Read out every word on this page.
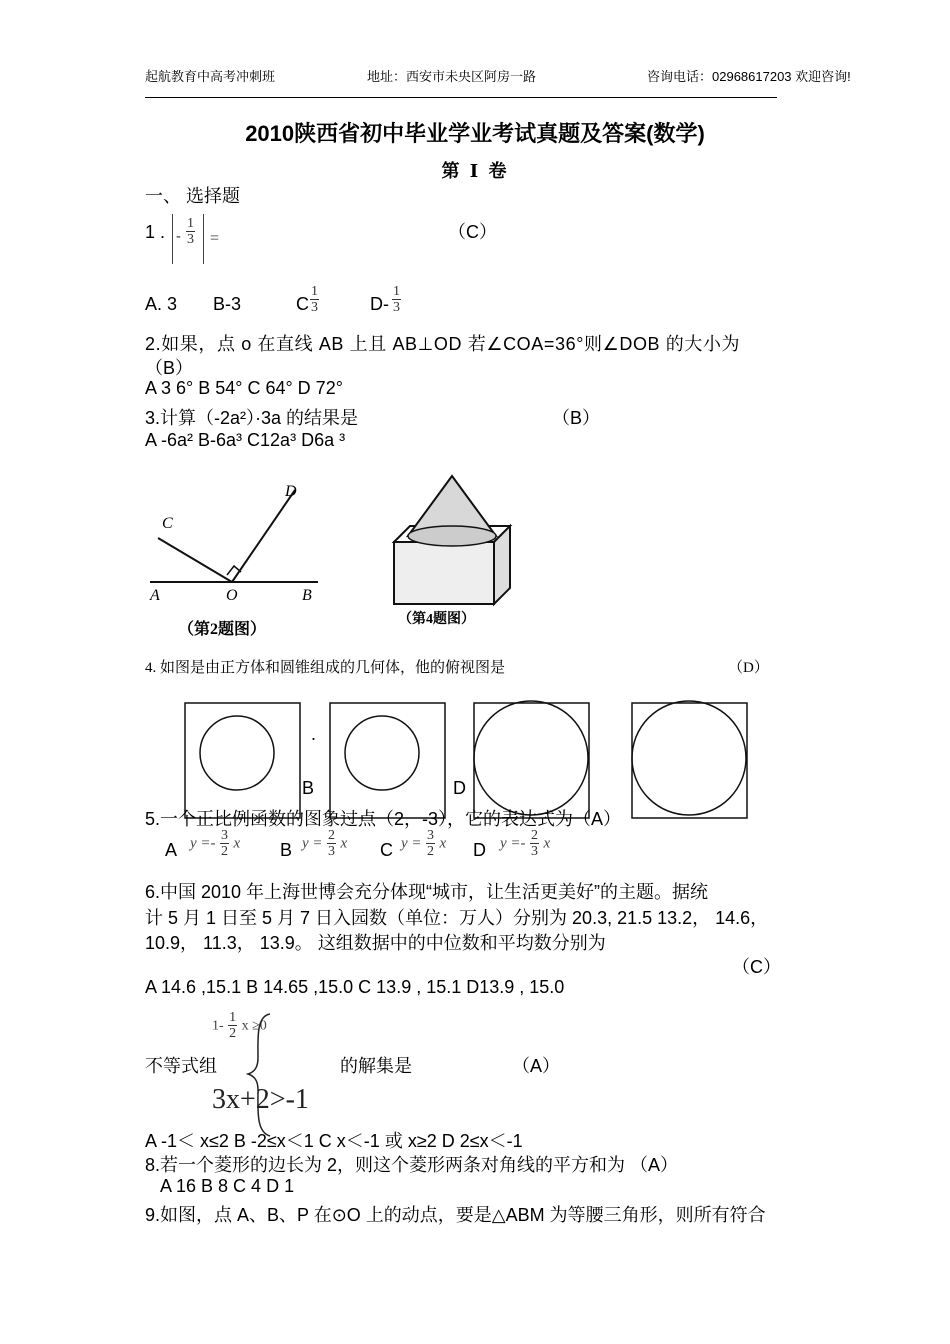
起航教育中高考冲刺班	地址：西安市未央区阿房一路	咨询电话：02968617203 欢迎咨询!
2010陕西省初中毕业学业考试真题及答案(数学)
第 Ⅰ 卷
一、 选择题
1 . - $\frac{1}{3}$ =	（C）
A. 3 B-3	C $\frac{1}{3}$	$D- \frac{1}{3}$
2.如果，点 o 在直线 AB 上且 AB⊥OD 若∠COA=36°则∠DOB 的大小为
（B）
A 3 6° B 54° C 64° D 72°
3.计算（-2a²）·3a 的结果是	（B）
A -6a² B-6a³ C12a³ D6a ³
C
D
A	O	B
（第2题图）
（第4题图）
4. 如图是由正方体和圆锥组成的几何体，他的俯视图是	（D）
.
B	D
5.一个正比例函数的图象过点（2，-3），它的表达式为（A）
A $y =- \frac{3}{2}$ x B $y = \frac{2}{3}$ x C $y = \frac{3}{2}$ x D $y =- \frac{2}{3}$ x
6.中国 2010 年上海世博会充分体现“城市，让生活更美好”的主题。据统
计 5 月 1 日至 5 月 7 日入园数（单位：万人）分别为 20.3, 21.5 13.2， 14.6，
10.9， 11.3， 13.9。 这组数据中的中位数和平均数分别为
（C）
A 14.6 ,15.1 B 14.65 ,15.0 C 13.9 , 15.1 D13.9 , 15.0
$1- \frac{1}{2}$ x ≥0
不等式组
3x+2>-1
的解集是	（A）
A -1＜ x≤2 B -2≤x＜1 C x＜-1 或 x≥2 D 2≤x＜-1
8.若一个菱形的边长为 2，则这个菱形两条对角线的平方和为 （A）
A 16 B 8 C 4 D 1
9.如图，点 A、B、P 在⊙O 上的动点，要是△ABM 为等腰三角形，则所有符合
